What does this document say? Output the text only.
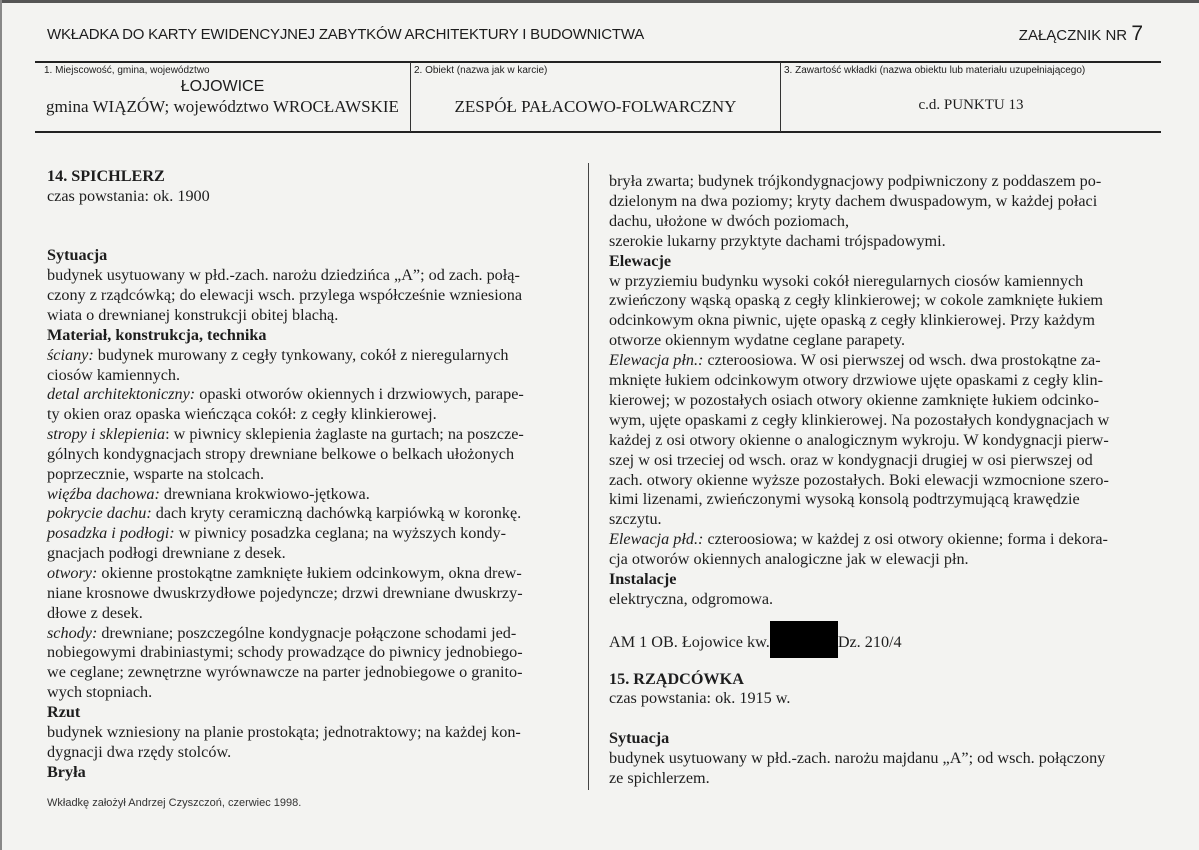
WKŁADKA DO KARTY EWIDENCYJNEJ ZABYTKÓW ARCHITEKTURY I BUDOWNICTWA	ZAŁĄCZNIK NR 7
1. Miejscowość, gmina, województwo	2. Obiekt (nazwa jak w karcie)	3. Zawartość wkładki (nazwa obiektu lub materiału uzupełniającego)
ŁOJOWICE
gmina WIĄZÓW; województwo WROCŁAWSKIE	ZESPÓŁ PAŁACOWO-FOLWARCZNY	c.d. PUNKTU 13
14. SPICHLERZ
czas powstania: ok. 1900
Sytuacja
budynek usytuowany w płd.-zach. narożu dziedzińca „A”; od zach. połą-
czony z rządcówką; do elewacji wsch. przylega współcześnie wzniesiona
wiata o drewnianej konstrukcji obitej blachą.
Materiał, konstrukcja, technika
ściany: budynek murowany z cegły tynkowany, cokół z nieregularnych
ciosów kamiennych.
detal architektoniczny: opaski otworów okiennych i drzwiowych, parape-
ty okien oraz opaska wieńcząca cokół: z cegły klinkierowej.
stropy i sklepienia: w piwnicy sklepienia żaglaste na gurtach; na poszcze-
gólnych kondygnacjach stropy drewniane belkowe o belkach ułożonych
poprzecznie, wsparte na stolcach.
więźba dachowa: drewniana krokwiowo-jętkowa.
pokrycie dachu: dach kryty ceramiczną dachówką karpiówką w koronkę.
posadzka i podłogi: w piwnicy posadzka ceglana; na wyższych kondy-
gnacjach podłogi drewniane z desek.
otwory: okienne prostokątne zamknięte łukiem odcinkowym, okna drew-
niane krosnowe dwuskrzydłowe pojedyncze; drzwi drewniane dwuskrzy-
dłowe z desek.
schody: drewniane; poszczególne kondygnacje połączone schodami jed-
nobiegowymi drabiniastymi; schody prowadzące do piwnicy jednobiego-
we ceglane; zewnętrzne wyrównawcze na parter jednobiegowe o granito-
wych stopniach.
Rzut
budynek wzniesiony na planie prostokąta; jednotraktowy; na każdej kon-
dygnacji dwa rzędy stolców.
Bryła
bryła zwarta; budynek trójkondygnacjowy podpiwniczony z poddaszem po-
dzielonym na dwa poziomy; kryty dachem dwuspadowym, w każdej połaci
dachu, ułożone w dwóch poziomach,
szerokie lukarny przyktyte dachami trójspadowymi.
Elewacje
w przyziemiu budynku wysoki cokół nieregularnych ciosów kamiennych
zwieńczony wąską opaską z cegły klinkierowej; w cokole zamknięte łukiem
odcinkowym okna piwnic, ujęte opaską z cegły klinkierowej. Przy każdym
otworze okiennym wydatne ceglane parapety.
Elewacja płn.: czteroosiowa. W osi pierwszej od wsch. dwa prostokątne za-
mknięte łukiem odcinkowym otwory drzwiowe ujęte opaskami z cegły klin-
kierowej; w pozostałych osiach otwory okienne zamknięte łukiem odcinko-
wym, ujęte opaskami z cegły klinkierowej. Na pozostałych kondygnacjach w
każdej z osi otwory okienne o analogicznym wykroju. W kondygnacji pierw-
szej w osi trzeciej od wsch. oraz w kondygnacji drugiej w osi pierwszej od
zach. otwory okienne wyższe pozostałych. Boki elewacji wzmocnione szero-
kimi lizenami, zwieńczonymi wysoką konsolą podtrzymującą krawędzie
szczytu.
Elewacja płd.: czteroosiowa; w każdej z osi otwory okienne; forma i dekora-
cja otworów okiennych analogiczne jak w elewacji płn.
Instalacje
elektryczna, odgromowa.
AM 1 OB. Łojowice kw.	Dz. 210/4
15. RZĄDCÓWKA
czas powstania: ok. 1915 w.
Sytuacja
budynek usytuowany w płd.-zach. narożu majdanu „A”; od wsch. połączony
ze spichlerzem.
Wkładkę założył Andrzej Czyszczoń, czerwiec 1998.
